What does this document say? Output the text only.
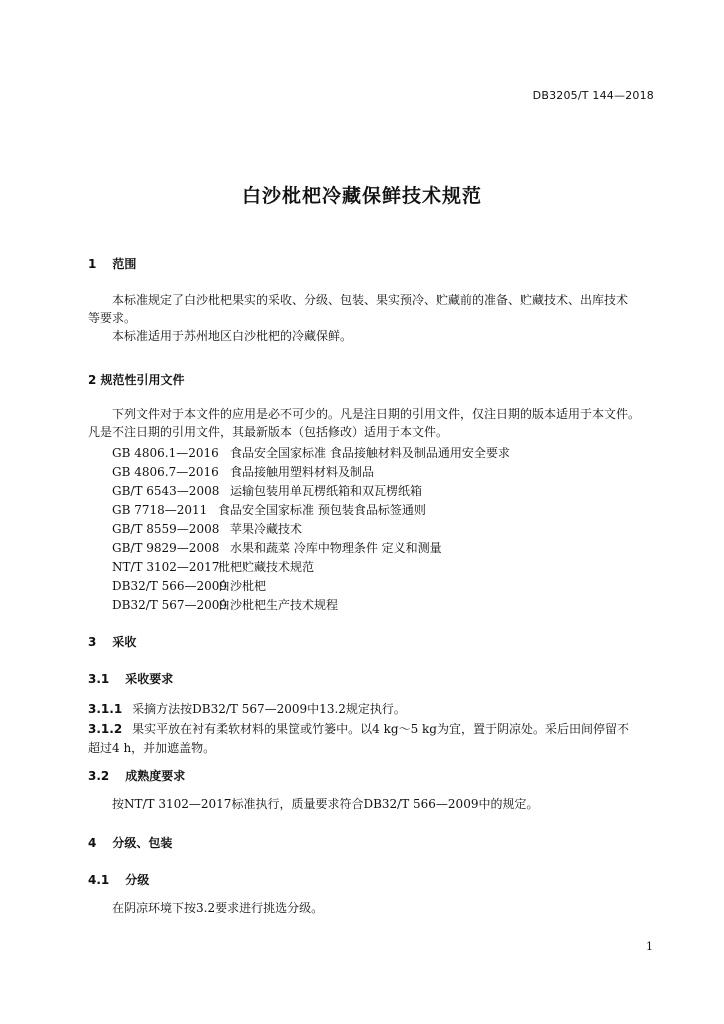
DB3205/T 144—2018
白沙枇杷冷藏保鲜技术规范
1 范围
本标准规定了白沙枇杷果实的采收、分级、包装、果实预冷、贮藏前的准备、贮藏技术、出库技术
等要求。
本标准适用于苏州地区白沙枇杷的冷藏保鲜。
2 规范性引用文件
下列文件对于本文件的应用是必不可少的。凡是注日期的引用文件，仅注日期的版本适用于本文件。
凡是不注日期的引用文件，其最新版本（包括修改）适用于本文件。
GB 4806.1—2016 食品安全国家标准 食品接触材料及制品通用安全要求
GB 4806.7—2016 食品接触用塑料材料及制品
GB/T 6543—2008 运输包装用单瓦楞纸箱和双瓦楞纸箱
GB 7718—2011 食品安全国家标准 预包装食品标签通则
GB/T 8559—2008 苹果冷藏技术
GB/T 9829—2008 水果和蔬菜 冷库中物理条件 定义和测量
NT/T 3102—2017枇杷贮藏技术规范
DB32/T 566—2009白沙枇杷
DB32/T 567—2009白沙枇杷生产技术规程
3 采收
3.1 采收要求
3.1.1 采摘方法按DB32/T 567—2009中13.2规定执行。
3.1.2 果实平放在衬有柔软材料的果筐或竹篓中。以4 kg～5 kg为宜，置于阴凉处。采后田间停留不
超过4 h，并加遮盖物。
3.2 成熟度要求
按NT/T 3102—2017标准执行，质量要求符合DB32/T 566—2009中的规定。
4 分级、包装
4.1 分级
在阴凉环境下按3.2要求进行挑选分级。
1
